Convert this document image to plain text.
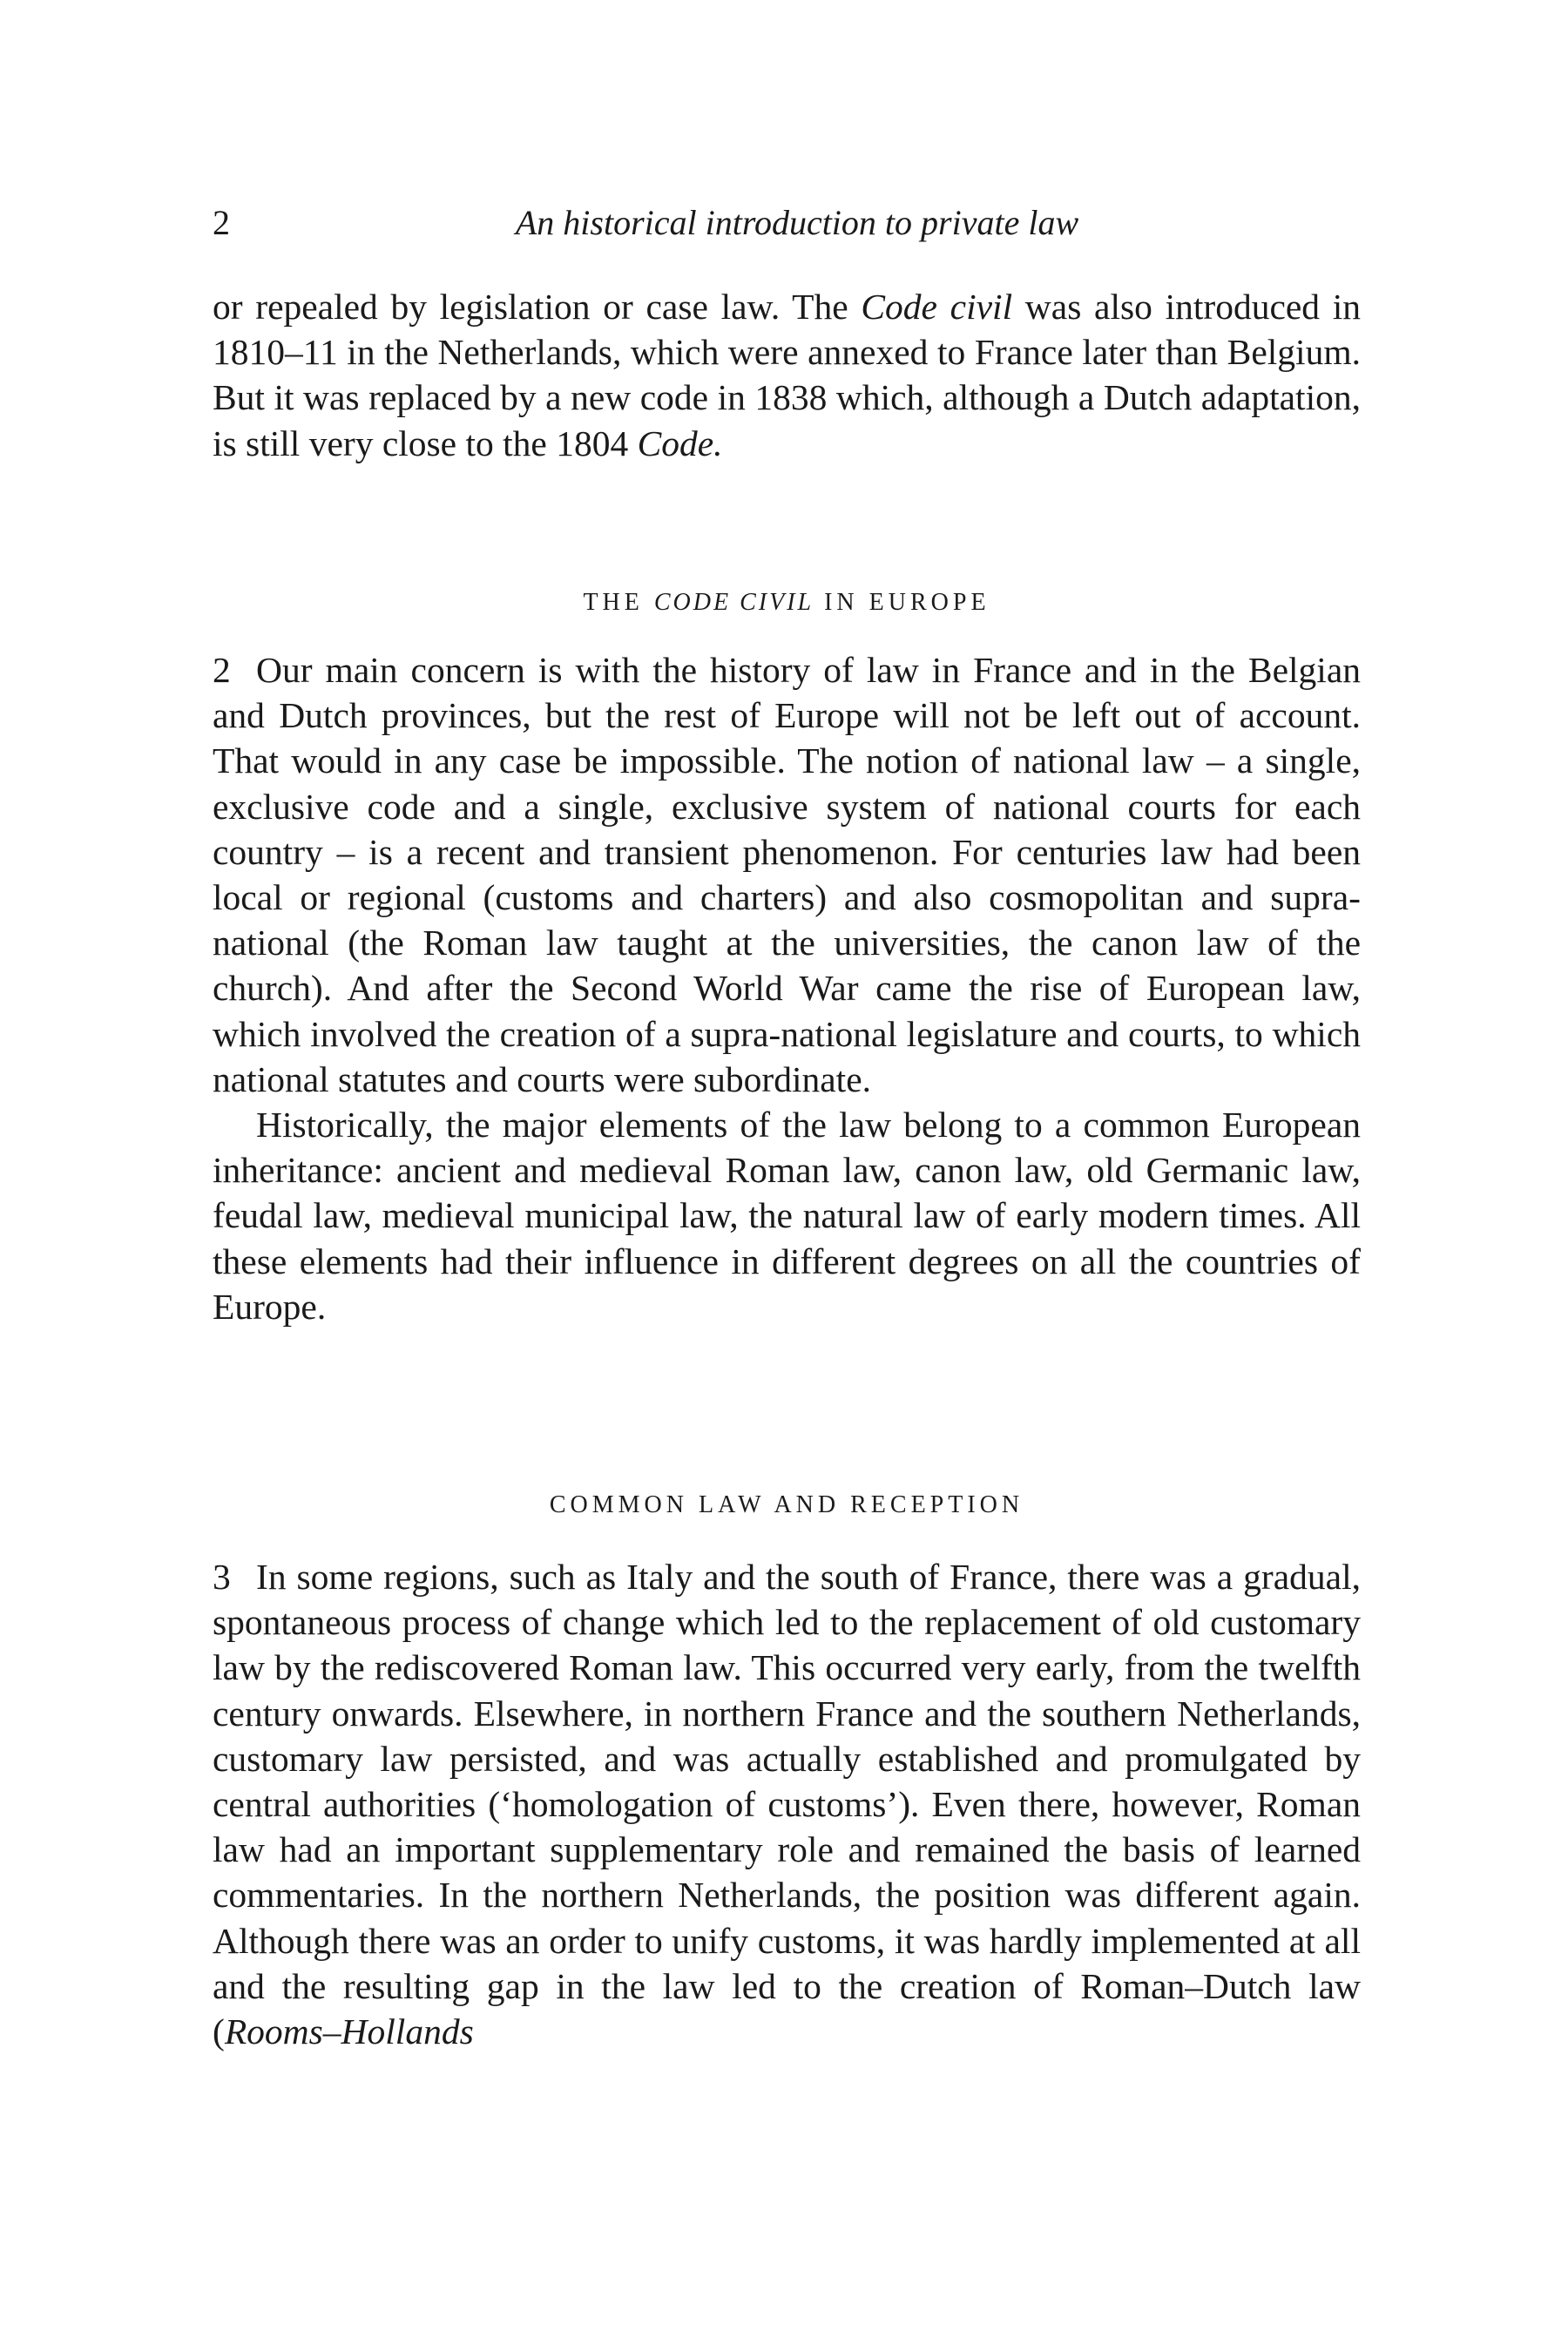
2	An historical introduction to private law

or repealed by legislation or case law. The Code civil was also introduced in 1810–11 in the Netherlands, which were annexed to France later than Belgium. But it was replaced by a new code in 1838 which, although a Dutch adaptation, is still very close to the 1804 Code.

THE CODE CIVIL IN EUROPE

2 Our main concern is with the history of law in France and in the Belgian and Dutch provinces, but the rest of Europe will not be left out of account. That would in any case be impossible. The notion of national law – a single, exclusive code and a single, exclusive system of national courts for each country – is a recent and transient phenomenon. For centuries law had been local or regional (customs and charters) and also cosmopolitan and supra-national (the Roman law taught at the universities, the canon law of the church). And after the Second World War came the rise of European law, which involved the creation of a supra-national legislature and courts, to which national statutes and courts were subordinate.

Historically, the major elements of the law belong to a common European inheritance: ancient and medieval Roman law, canon law, old Germanic law, feudal law, medieval municipal law, the natural law of early modern times. All these elements had their influence in different degrees on all the countries of Europe.

COMMON LAW AND RECEPTION

3 In some regions, such as Italy and the south of France, there was a gradual, spontaneous process of change which led to the replacement of old customary law by the rediscovered Roman law. This occurred very early, from the twelfth century onwards. Elsewhere, in northern France and the southern Netherlands, customary law persisted, and was actually established and promulgated by central authorities (‘homologation of customs’). Even there, however, Roman law had an important supplementary role and remained the basis of learned commentaries. In the northern Netherlands, the position was different again. Although there was an order to unify customs, it was hardly implemented at all and the resulting gap in the law led to the creation of Roman–Dutch law (Rooms–Hollands
